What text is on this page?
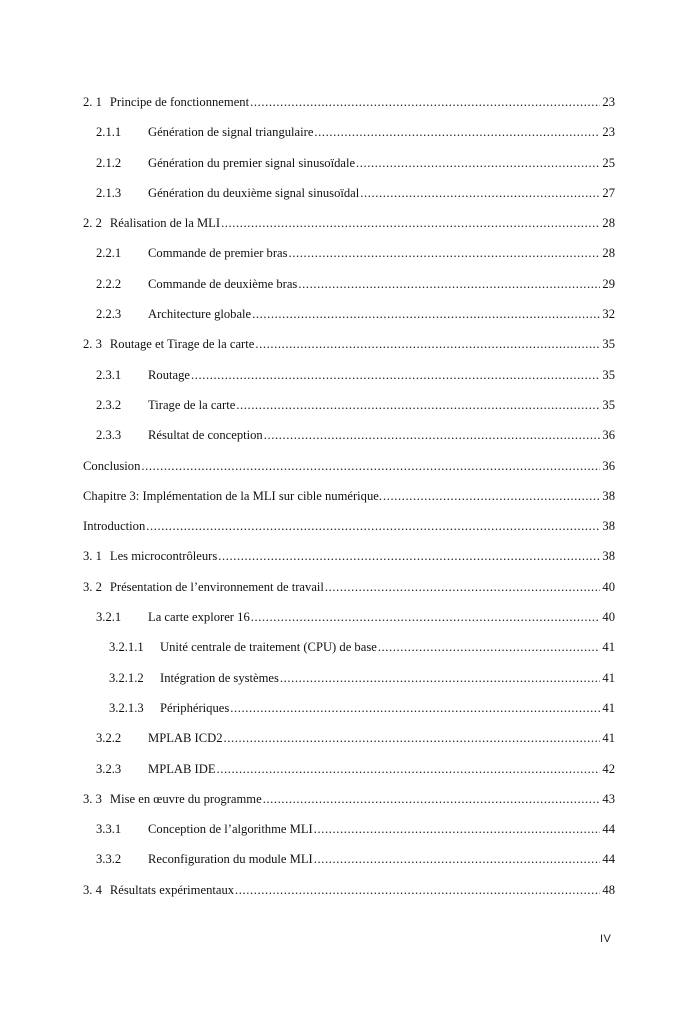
2. 1 Principe de fonctionnement .....	23
2.1.1	Génération de signal triangulaire .....	23
2.1.2	Génération du premier signal sinusoïdale .....	25
2.1.3	Génération du deuxième signal sinusoïdal .....	27
2. 2 Réalisation de la MLI .....	28
2.2.1	Commande de premier bras .....	28
2.2.2	Commande de deuxième bras .....	29
2.2.3	Architecture globale .....	32
2. 3 Routage et Tirage de la carte .....	35
2.3.1	Routage .....	35
2.3.2	Tirage de la carte .....	35
2.3.3	Résultat de conception .....	36
Conclusion .....	36
Chapitre 3: Implémentation de la MLI sur cible numérique. .....	38
Introduction .....	38
3. 1 Les microcontrôleurs .....	38
3. 2 Présentation de l’environnement de travail .....	40
3.2.1	La carte explorer 16 .....	40
3.2.1.1	Unité centrale de traitement (CPU) de base .....	41
3.2.1.2	Intégration de systèmes .....	41
3.2.1.3	Périphériques .....	41
3.2.2	MPLAB ICD2 .....	41
3.2.3	MPLAB IDE .....	42
3. 3 Mise en œuvre du programme .....	43
3.3.1	Conception de l’algorithme MLI .....	44
3.3.2	Reconfiguration du module MLI .....	44
3. 4 Résultats expérimentaux .....	48
IV
